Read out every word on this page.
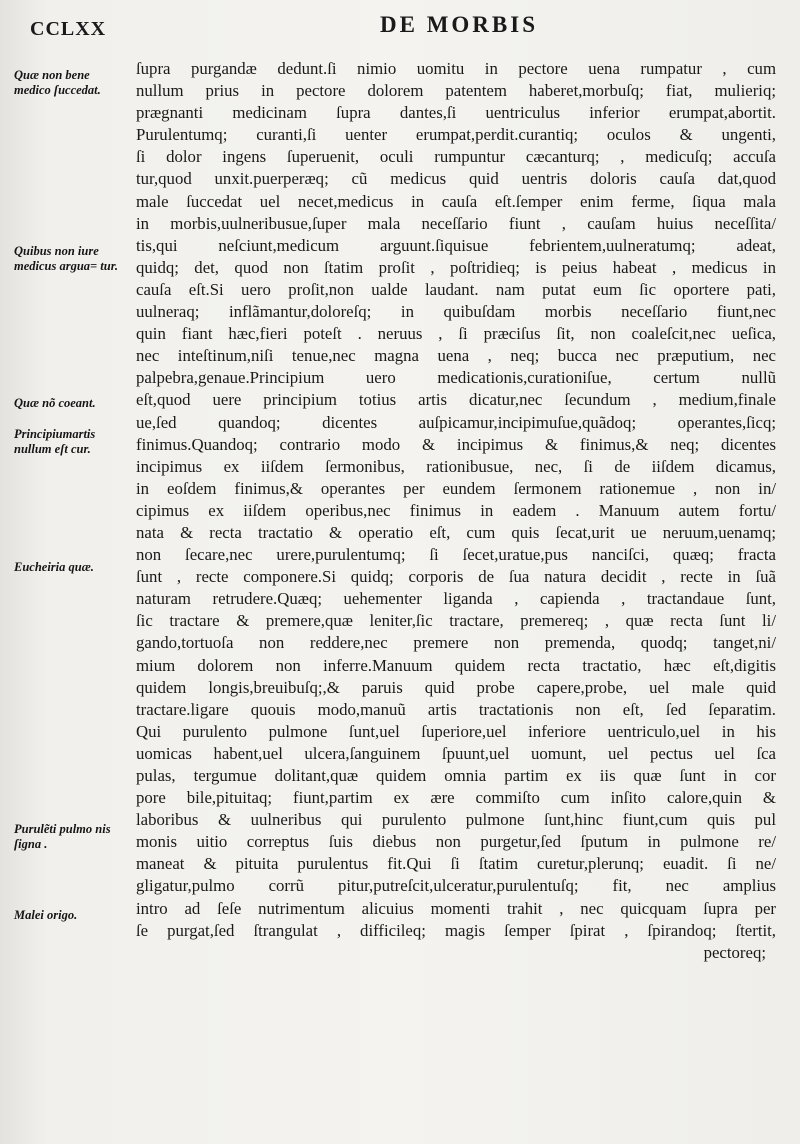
CCLXX	DE MORBIS
Quæ non bene medico ſuccedat.
Quibus non iure medicus argua= tur.
Quæ nõ coeant.
Principiumartis nullum eſt cur.
Eucheiria quæ.
Purulẽti pulmo nis ſigna .
Malei origo.
ſupra purgandæ dedunt.ſi nimio uomitu in pectore uena rumpatur , cum
nullum prius in pectore dolorem patentem haberet,morbuſq; fiat, mulieriq;
prægnanti medicinam ſupra dantes,ſi uentriculus inferior erumpat,abortit.
Purulentumq; curanti,ſi uenter erumpat,perdit.curantiq; oculos & ungenti,
ſi dolor ingens ſuperuenit, oculi rumpuntur cæcanturq; , medicuſq; accuſa
tur,quod unxit.puerperæq; cũ medicus quid uentris doloris cauſa dat,quod
male ſuccedat uel necet,medicus in cauſa eſt.ſemper enim ferme, ſiqua mala
in morbis,uulneribusue,ſuper mala neceſſario fiunt , cauſam huius neceſſita/
tis,qui neſciunt,medicum arguunt.ſiquisue febrientem,uulneratumq; adeat,
quidq; det, quod non ſtatim proſit , poſtridieq; is peius habeat , medicus in
cauſa eſt.Si uero proſit,non ualde laudant. nam putat eum ſic oportere pati,
uulneraq; inflãmantur,doloreſq; in quibuſdam morbis neceſſario fiunt,nec
quin fiant hæc,fieri poteſt . neruus , ſi præciſus ſit, non coaleſcit,nec ueſica,
nec inteſtinum,niſi tenue,nec magna uena , neq; bucca nec præputium, nec
palpebra,genaue.Principium uero medicationis,curationiſue, certum nullũ
eſt,quod uere principium totius artis dicatur,nec ſecundum , medium,finale
ue,ſed quandoq; dicentes auſpicamur,incipimuſue,quãdoq; operantes,ſicq;
finimus.Quandoq; contrario modo & incipimus & finimus,& neq; dicentes
incipimus ex iiſdem ſermonibus, rationibusue, nec, ſi de iiſdem dicamus,
in eoſdem finimus,& operantes per eundem ſermonem rationemue , non in/
cipimus ex iiſdem operibus,nec finimus in eadem . Manuum autem fortu/
nata & recta tractatio & operatio eſt, cum quis ſecat,urit ue neruum,uenamq;
non ſecare,nec urere,purulentumq; ſi ſecet,uratue,pus nanciſci, quæq; fracta
ſunt , recte componere.Si quidq; corporis de ſua natura decidit , recte in ſuã
naturam retrudere.Quæq; uehementer liganda , capienda , tractandaue ſunt,
ſic tractare & premere,quæ leniter,ſic tractare, premereq; , quæ recta ſunt li/
gando,tortuoſa non reddere,nec premere non premenda, quodq; tanget,ni/
mium dolorem non inferre.Manuum quidem recta tractatio, hæc eſt,digitis
quidem longis,breuibuſq;,& paruis quid probe capere,probe, uel male quid
tractare.ligare quouis modo,manuũ artis tractationis non eſt, ſed ſeparatim.
Qui purulento pulmone ſunt,uel ſuperiore,uel inferiore uentriculo,uel in his
uomicas habent,uel ulcera,ſanguinem ſpuunt,uel uomunt, uel pectus uel ſca
pulas, tergumue dolitant,quæ quidem omnia partim ex iis quæ ſunt in cor
pore bile,pituitaq; fiunt,partim ex ære commiſto cum inſito calore,quin &
laboribus & uulneribus qui purulento pulmone ſunt,hinc fiunt,cum quis pul
monis uitio correptus ſuis diebus non purgetur,ſed ſputum in pulmone re/
maneat & pituita purulentus fit.Qui ſi ſtatim curetur,plerunq; euadit. ſi ne/
gligatur,pulmo corrũ pitur,putreſcit,ulceratur,purulentuſq; fit, nec amplius
intro ad ſeſe nutrimentum alicuius momenti trahit , nec quicquam ſupra per
ſe purgat,ſed ſtrangulat , difficileq; magis ſemper ſpirat , ſpirandoq; ſtertit,
pectoreq;
